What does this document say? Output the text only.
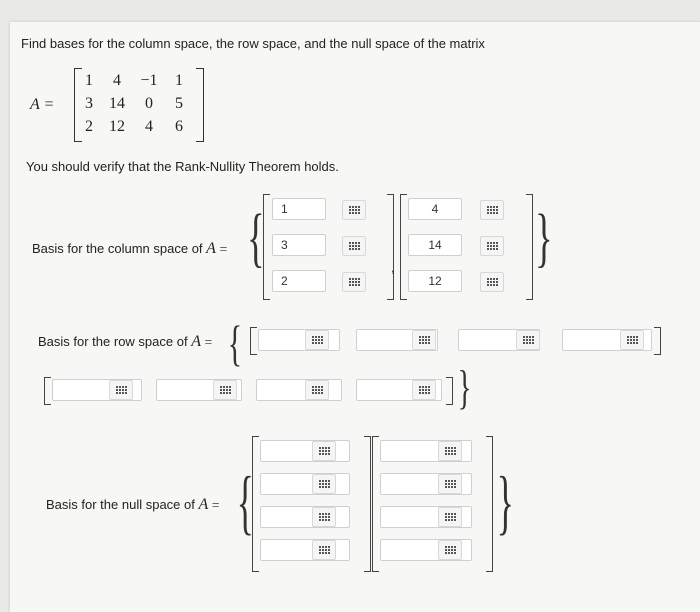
Find bases for the column space, the row space, and the null space of the matrix
A =
1	4	−1	1
3	14	0	5
2	12	4	6
You should verify that the Rank-Nullity Theorem holds.
Basis for the column space of A = {	1
3
2
,
4
14
12
}
Basis for the row space of A = {
}
Basis for the null space of A = {	}
